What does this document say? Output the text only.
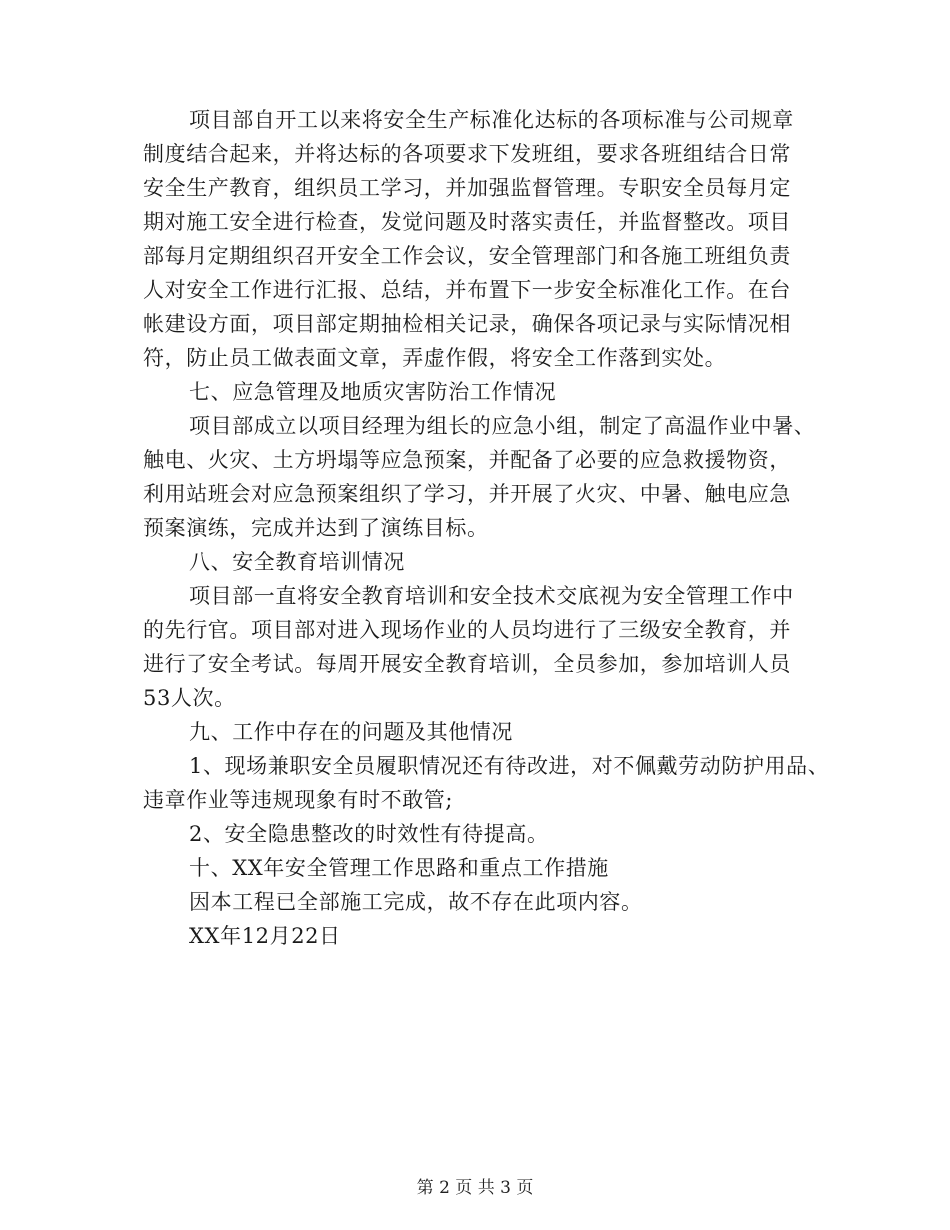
项目部自开工以来将安全生产标准化达标的各项标准与公司规章
制度结合起来，并将达标的各项要求下发班组，要求各班组结合日常
安全生产教育，组织员工学习，并加强监督管理。专职安全员每月定
期对施工安全进行检查，发觉问题及时落实责任，并监督整改。项目
部每月定期组织召开安全工作会议，安全管理部门和各施工班组负责
人对安全工作进行汇报、总结，并布置下一步安全标准化工作。在台
帐建设方面，项目部定期抽检相关记录，确保各项记录与实际情况相
符，防止员工做表面文章，弄虚作假，将安全工作落到实处。
七、应急管理及地质灾害防治工作情况
项目部成立以项目经理为组长的应急小组，制定了高温作业中暑、
触电、火灾、土方坍塌等应急预案，并配备了必要的应急救援物资，
利用站班会对应急预案组织了学习，并开展了火灾、中暑、触电应急
预案演练，完成并达到了演练目标。
八、安全教育培训情况
项目部一直将安全教育培训和安全技术交底视为安全管理工作中
的先行官。项目部对进入现场作业的人员均进行了三级安全教育，并
进行了安全考试。每周开展安全教育培训，全员参加，参加培训人员
53人次。
九、工作中存在的问题及其他情况
1、现场兼职安全员履职情况还有待改进，对不佩戴劳动防护用品、
违章作业等违规现象有时不敢管;
2、安全隐患整改的时效性有待提高。
十、XX年安全管理工作思路和重点工作措施
因本工程已全部施工完成，故不存在此项内容。
XX年12月22日
第 2 页 共 3 页
